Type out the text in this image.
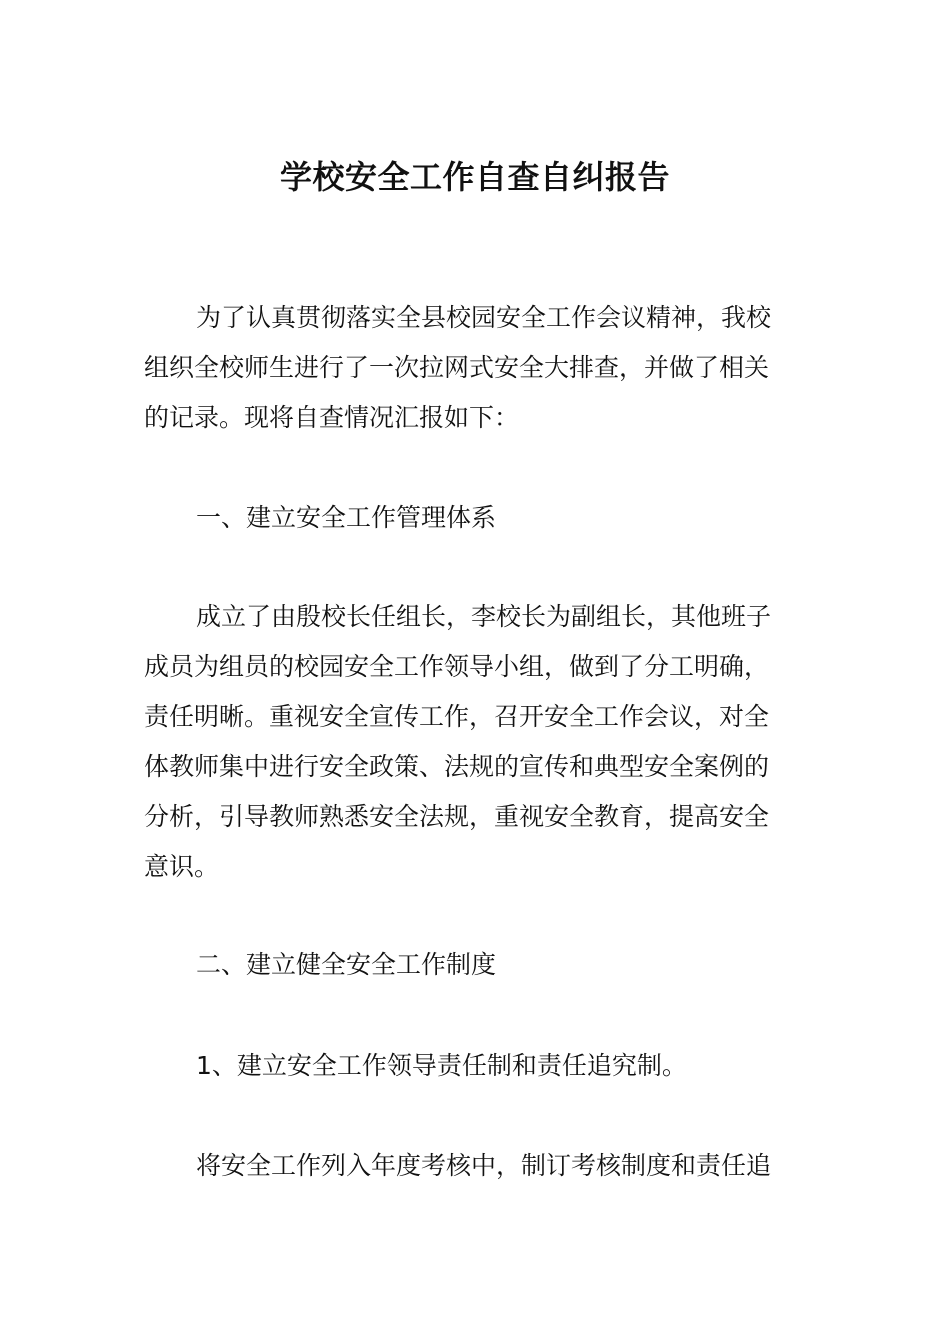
学校安全工作自查自纠报告
为了认真贯彻落实全县校园安全工作会议精神，我校
组织全校师生进行了一次拉网式安全大排查，并做了相关
的记录。现将自查情况汇报如下：
一、建立安全工作管理体系
成立了由殷校长任组长，李校长为副组长，其他班子
成员为组员的校园安全工作领导小组，做到了分工明确，
责任明晰。重视安全宣传工作，召开安全工作会议，对全
体教师集中进行安全政策、法规的宣传和典型安全案例的
分析，引导教师熟悉安全法规，重视安全教育，提高安全
意识。
二、建立健全安全工作制度
1、建立安全工作领导责任制和责任追究制。
将安全工作列入年度考核中，制订考核制度和责任追
